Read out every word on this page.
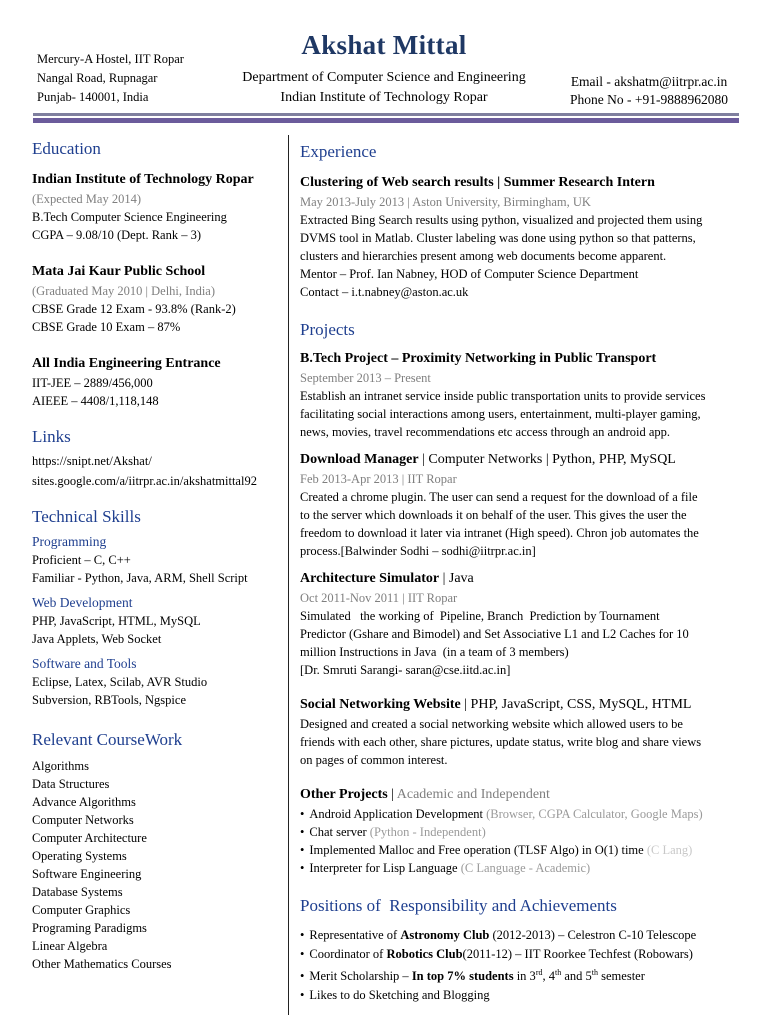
Mercury-A Hostel, IIT Ropar
Nangal Road, Rupnagar
Punjab- 140001, India
Akshat Mittal
Department of Computer Science and Engineering
Indian Institute of Technology Ropar
Email - akshatm@iitrpr.ac.in
Phone No - +91-9888962080
Education
Indian Institute of Technology Ropar
(Expected May 2014)
B.Tech Computer Science Engineering
CGPA – 9.08/10 (Dept. Rank – 3)
Mata Jai Kaur Public School
(Graduated May 2010 | Delhi, India)
CBSE Grade 12 Exam - 93.8% (Rank-2)
CBSE Grade 10 Exam – 87%
All India Engineering Entrance
IIT-JEE – 2889/456,000
AIEEE – 4408/1,118,148
Links
https://snipt.net/Akshat/
sites.google.com/a/iitrpr.ac.in/akshatmittal92
Technical Skills
Programming
Proficient – C, C++
Familiar - Python, Java, ARM, Shell Script
Web Development
PHP, JavaScript, HTML, MySQL
Java Applets, Web Socket
Software and Tools
Eclipse, Latex, Scilab, AVR Studio
Subversion, RBTools, Ngspice
Relevant CourseWork
Algorithms
Data Structures
Advance Algorithms
Computer Networks
Computer Architecture
Operating Systems
Software Engineering
Database Systems
Computer Graphics
Programing Paradigms
Linear Algebra
Other Mathematics Courses
Experience
Clustering of Web search results | Summer Research Intern
May 2013-July 2013 | Aston University, Birmingham, UK
Extracted Bing Search results using python, visualized and projected them using
DVMS tool in Matlab. Cluster labeling was done using python so that patterns,
clusters and hierarchies present among web documents become apparent.
Mentor – Prof. Ian Nabney, HOD of Computer Science Department
Contact – i.t.nabney@aston.ac.uk
Projects
B.Tech Project – Proximity Networking in Public Transport
September 2013 – Present
Establish an intranet service inside public transportation units to provide services
facilitating social interactions among users, entertainment, multi-player gaming,
news, movies, travel recommendations etc access through an android app.
Download Manager | Computer Networks | Python, PHP, MySQL
Feb 2013-Apr 2013 | IIT Ropar
Created a chrome plugin. The user can send a request for the download of a file
to the server which downloads it on behalf of the user. This gives the user the
freedom to download it later via intranet (High speed). Chron job automates the
process.[Balwinder Sodhi – sodhi@iitrpr.ac.in]
Architecture Simulator | Java
Oct 2011-Nov 2011 | IIT Ropar
Simulated   the working of  Pipeline, Branch  Prediction by Tournament
Predictor (Gshare and Bimodel) and Set Associative L1 and L2 Caches for 10
million Instructions in Java  (in a team of 3 members)
[Dr. Smruti Sarangi- saran@cse.iitd.ac.in]
Social Networking Website | PHP, JavaScript, CSS, MySQL, HTML
Designed and created a social networking website which allowed users to be
friends with each other, share pictures, update status, write blog and share views
on pages of common interest.
Other Projects | Academic and Independent
• Android Application Development (Browser, CGPA Calculator, Google Maps)
• Chat server (Python - Independent)
• Implemented Malloc and Free operation (TLSF Algo) in O(1) time (C Lang)
• Interpreter for Lisp Language (C Language - Academic)
Positions of  Responsibility and Achievements
• Representative of Astronomy Club (2012-2013) – Celestron C-10 Telescope
• Coordinator of Robotics Club(2011-12) – IIT Roorkee Techfest (Robowars)
• Merit Scholarship – In top 7% students in 3rd, 4th and 5th semester
• Likes to do Sketching and Blogging
